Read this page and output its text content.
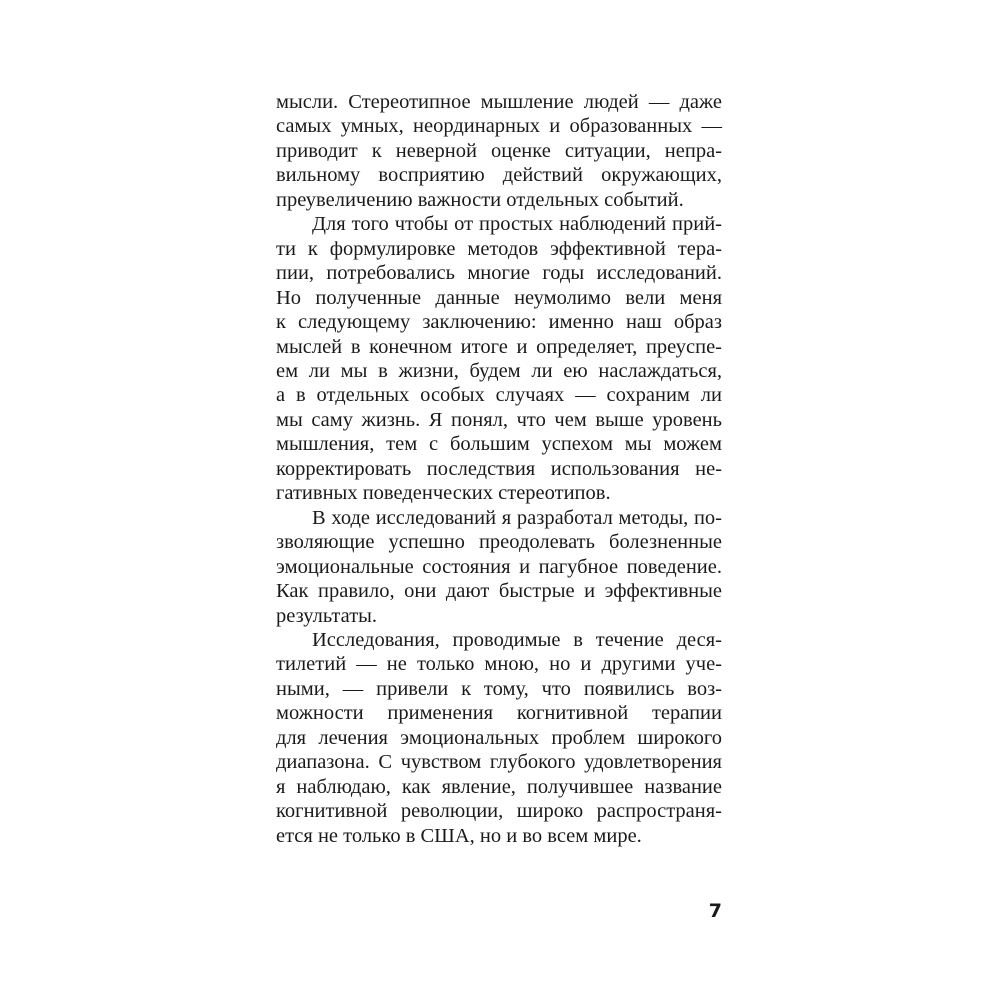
мысли. Стереотипное мышление людей — даже
самых умных, неординарных и образованных —
приводит к неверной оценке ситуации, непра-
вильному восприятию действий окружающих,
преувеличению важности отдельных событий.

Для того чтобы от простых наблюдений прий-
ти к формулировке методов эффективной тера-
пии, потребовались многие годы исследований.
Но полученные данные неумолимо вели меня
к следующему заключению: именно наш образ
мыслей в конечном итоге и определяет, преуспе-
ем ли мы в жизни, будем ли ею наслаждаться,
а в отдельных особых случаях — сохраним ли
мы саму жизнь. Я понял, что чем выше уровень
мышления, тем с большим успехом мы можем
корректировать последствия использования не-
гативных поведенческих стереотипов.

В ходе исследований я разработал методы, по-
зволяющие успешно преодолевать болезненные
эмоциональные состояния и пагубное поведение.
Как правило, они дают быстрые и эффективные
результаты.

Исследования, проводимые в течение деся-
тилетий — не только мною, но и другими уче-
ными, — привели к тому, что появились воз-
можности применения когнитивной терапии
для лечения эмоциональных проблем широкого
диапазона. С чувством глубокого удовлетворения
я наблюдаю, как явление, получившее название
когнитивной революции, широко распространя-
ется не только в США, но и во всем мире.

7
